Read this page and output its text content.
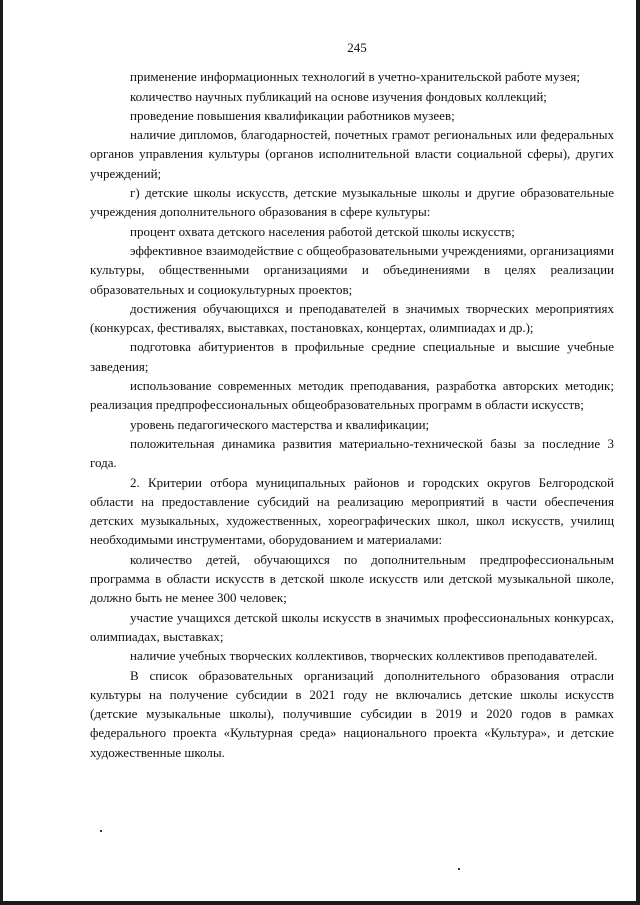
245

применение информационных технологий в учетно-хранительской работе музея;

количество научных публикаций на основе изучения фондовых коллекций;

проведение повышения квалификации работников музеев;

наличие дипломов, благодарностей, почетных грамот региональных или федеральных органов управления культуры (органов исполнительной власти социальной сферы), других учреждений;

г) детские школы искусств, детские музыкальные школы и другие образовательные учреждения дополнительного образования в сфере культуры:

процент охвата детского населения работой детской школы искусств;

эффективное взаимодействие с общеобразовательными учреждениями, организациями культуры, общественными организациями и объединениями в целях реализации образовательных и социокультурных проектов;

достижения обучающихся и преподавателей в значимых творческих мероприятиях (конкурсах, фестивалях, выставках, постановках, концертах, олимпиадах и др.);

подготовка абитуриентов в профильные средние специальные и высшие учебные заведения;

использование современных методик преподавания, разработка авторских методик; реализация предпрофессиональных общеобразовательных программ в области искусств;

уровень педагогического мастерства и квалификации;

положительная динамика развития материально-технической базы за последние 3 года.

2. Критерии отбора муниципальных районов и городских округов Белгородской области на предоставление субсидий на реализацию мероприятий в части обеспечения детских музыкальных, художественных, хореографических школ, школ искусств, училищ необходимыми инструментами, оборудованием и материалами:

количество детей, обучающихся по дополнительным предпрофессиональным программа в области искусств в детской школе искусств или детской музыкальной школе, должно быть не менее 300 человек;

участие учащихся детской школы искусств в значимых профессиональных конкурсах, олимпиадах, выставках;

наличие учебных творческих коллективов, творческих коллективов преподавателей.

В список образовательных организаций дополнительного образования отрасли культуры на получение субсидии в 2021 году не включались детские школы искусств (детские музыкальные школы), получившие субсидии в 2019 и 2020 годов в рамках федерального проекта «Культурная среда» национального проекта «Культура», и детские художественные школы.
